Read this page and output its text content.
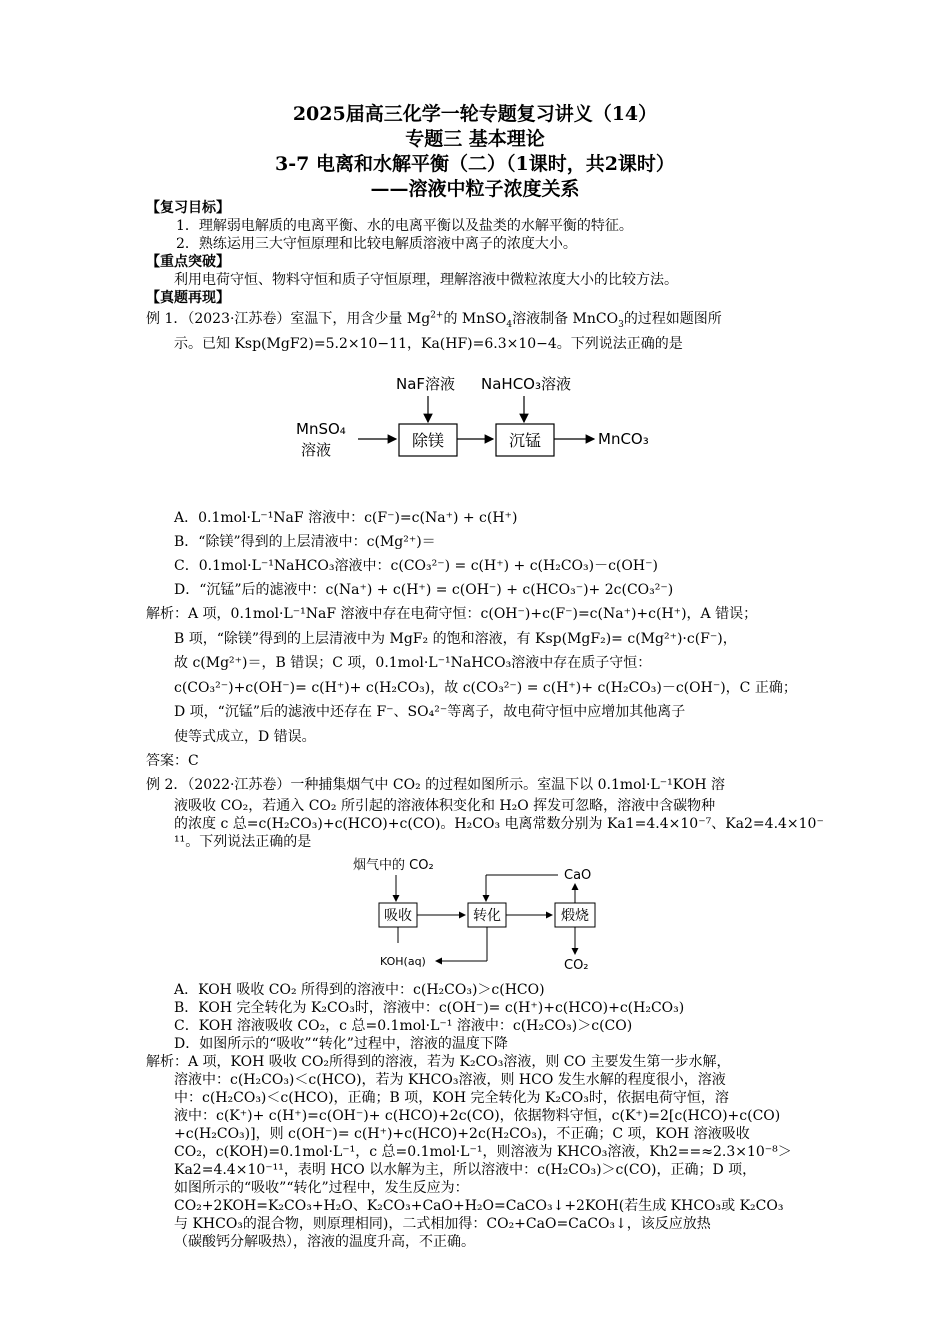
2025届高三化学一轮专题复习讲义（14）
专题三 基本理论
3-7 电离和水解平衡（二）（1课时，共2课时）
——溶液中粒子浓度关系
【复习目标】
1．理解弱电解质的电离平衡、水的电离平衡以及盐类的水解平衡的特征。
2．熟练运用三大守恒原理和比较电解质溶液中离子的浓度大小。
【重点突破】
利用电荷守恒、物料守恒和质子守恒原理，理解溶液中微粒浓度大小的比较方法。
【真题再现】
例 1．（2023·江苏卷）室温下，用含少量 $Mg^{2+}$的 MnSO$_4$溶液制备 MnCO$_3$的过程如题图所
示。已知 Ksp(MgF2)=5.2×10−11，Ka(HF)=6.3×10−4。下列说法正确的是
NaF溶液 NaHCO₃溶液
MnSO₄
溶液	除镁	沉锰	MnCO₃
A．0.1mol·L⁻¹NaF 溶液中：c(F⁻)=c(Na⁺) + c(H⁺)
B．“除镁”得到的上层清液中：c(Mg²⁺)＝
C．0.1mol·L⁻¹NaHCO₃溶液中：c(CO₃²⁻) = c(H⁺) + c(H₂CO₃)－c(OH⁻)
D．“沉锰”后的滤液中：c(Na⁺) + c(H⁺) = c(OH⁻) + c(HCO₃⁻)+ 2c(CO₃²⁻)
解析：A 项，0.1mol·L⁻¹NaF 溶液中存在电荷守恒：c(OH⁻)+c(F⁻)=c(Na⁺)+c(H⁺)，A 错误；
B 项，“除镁”得到的上层清液中为 MgF₂ 的饱和溶液，有 Ksp(MgF₂)= c(Mg²⁺)·c(F⁻)，
故 c(Mg²⁺)＝，B 错误；C 项，0.1mol·L⁻¹NaHCO₃溶液中存在质子守恒：
c(CO₃²⁻)+c(OH⁻)= c(H⁺)+ c(H₂CO₃)，故 c(CO₃²⁻) = c(H⁺)+ c(H₂CO₃)－c(OH⁻)，C 正确；
D 项，“沉锰”后的滤液中还存在 F⁻、SO₄²⁻等离子，故电荷守恒中应增加其他离子
使等式成立，D 错误。
答案：C
例 2．（2022·江苏卷）一种捕集烟气中 CO₂ 的过程如图所示。室温下以 0.1mol·L⁻¹KOH 溶
液吸收 CO₂，若通入 CO₂ 所引起的溶液体积变化和 H₂O 挥发可忽略，溶液中含碳物种
的浓度 c 总=c(H₂CO₃)+c(HCO)+c(CO)。H₂CO₃ 电离常数分别为 Ka1=4.4×10⁻⁷、Ka2=4.4×10⁻
¹¹。下列说法正确的是
烟气中的 CO₂
CaO
吸收	转化	煅烧
CO₂
KOH(aq)
A．KOH 吸收 CO₂ 所得到的溶液中：c(H₂CO₃)＞c(HCO)
B．KOH 完全转化为 K₂CO₃时，溶液中：c(OH⁻)= c(H⁺)+c(HCO)+c(H₂CO₃)
C．KOH 溶液吸收 CO₂，c 总=0.1mol·L⁻¹ 溶液中：c(H₂CO₃)＞c(CO)
D．如图所示的“吸收”“转化”过程中，溶液的温度下降
解析：A 项，KOH 吸收 CO₂所得到的溶液，若为 K₂CO₃溶液，则 CO 主要发生第一步水解，
溶液中：c(H₂CO₃)＜c(HCO)，若为 KHCO₃溶液，则 HCO 发生水解的程度很小，溶液
中：c(H₂CO₃)＜c(HCO)，正确；B 项，KOH 完全转化为 K₂CO₃时，依据电荷守恒，溶
液中：c(K⁺)+ c(H⁺)=c(OH⁻)+ c(HCO)+2c(CO)，依据物料守恒，c(K⁺)=2[c(HCO)+c(CO)
+c(H₂CO₃)]，则 c(OH⁻)= c(H⁺)+c(HCO)+2c(H₂CO₃)，不正确；C 项，KOH 溶液吸收
CO₂，c(KOH)=0.1mol·L⁻¹，c 总=0.1mol·L⁻¹，则溶液为 KHCO₃溶液，Kh2==≈2.3×10⁻⁸＞
Ka2=4.4×10⁻¹¹，表明 HCO 以水解为主，所以溶液中：c(H₂CO₃)＞c(CO)，正确；D 项，
如图所示的“吸收”“转化”过程中，发生反应为：
CO₂+2KOH=K₂CO₃+H₂O、K₂CO₃+CaO+H₂O=CaCO₃↓+2KOH(若生成 KHCO₃或 K₂CO₃
与 KHCO₃的混合物，则原理相同)，二式相加得：CO₂+CaO=CaCO₃↓，该反应放热
（碳酸钙分解吸热），溶液的温度升高，不正确。
